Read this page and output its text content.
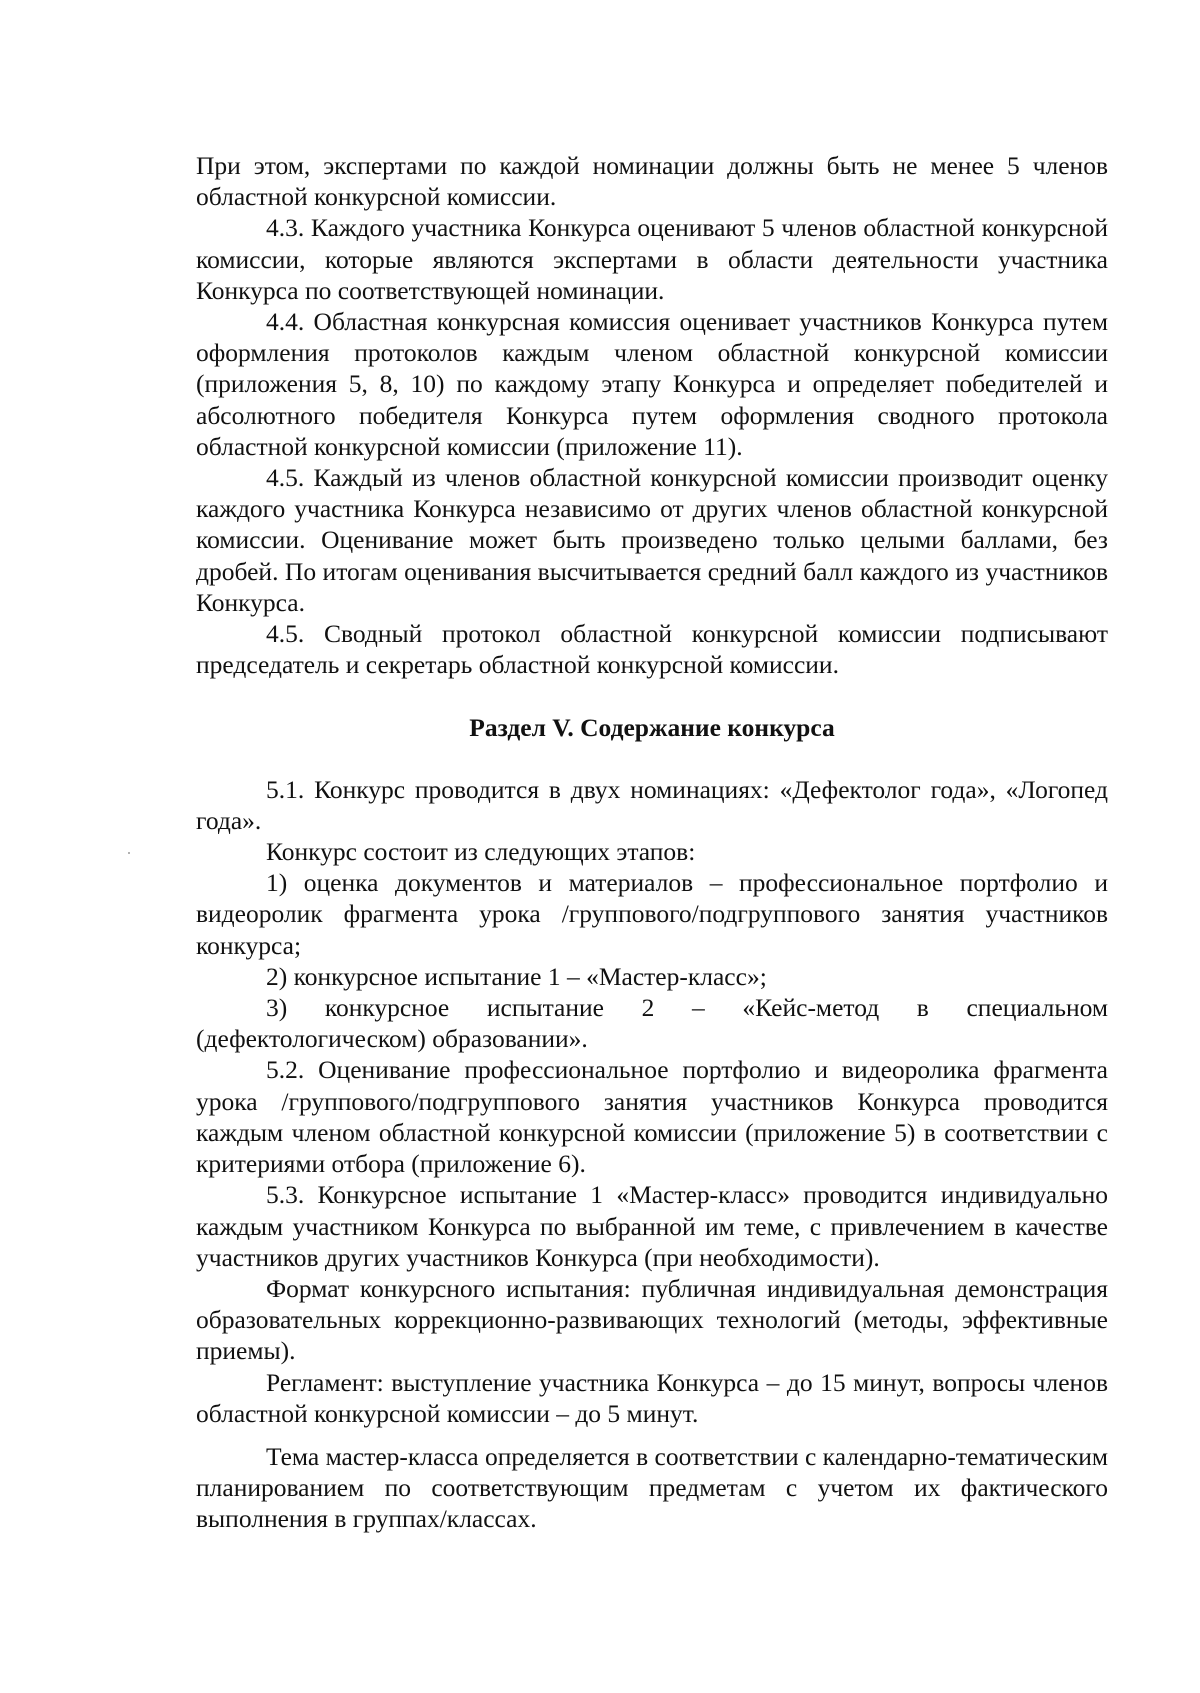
При этом, экспертами по каждой номинации должны быть не менее 5 членов областной конкурсной комиссии.

4.3. Каждого участника Конкурса оценивают 5 членов областной конкурсной комиссии, которые являются экспертами в области деятельности участника Конкурса по соответствующей номинации.

4.4. Областная конкурсная комиссия оценивает участников Конкурса путем оформления протоколов каждым членом областной конкурсной комиссии (приложения 5, 8, 10) по каждому этапу Конкурса и определяет победителей и абсолютного победителя Конкурса путем оформления сводного протокола областной конкурсной комиссии (приложение 11).

4.5. Каждый из членов областной конкурсной комиссии производит оценку каждого участника Конкурса независимо от других членов областной конкурсной комиссии. Оценивание может быть произведено только целыми баллами, без дробей. По итогам оценивания высчитывается средний балл каждого из участников Конкурса.

4.5. Сводный протокол областной конкурсной комиссии подписывают председатель и секретарь областной конкурсной комиссии.

Раздел V. Содержание конкурса

5.1. Конкурс проводится в двух номинациях: «Дефектолог года», «Логопед года».

Конкурс состоит из следующих этапов:

1) оценка документов и материалов – профессиональное портфолио и видеоролик фрагмента урока /группового/подгруппового занятия участников конкурса;

2) конкурсное испытание 1 – «Мастер-класс»;

3) конкурсное испытание 2 – «Кейс-метод в специальном (дефектологическом) образовании».

5.2. Оценивание профессиональное портфолио и видеоролика фрагмента урока /группового/подгруппового занятия участников Конкурса проводится каждым членом областной конкурсной комиссии (приложение 5) в соответствии с критериями отбора (приложение 6).

5.3. Конкурсное испытание 1 «Мастер-класс» проводится индивидуально каждым участником Конкурса по выбранной им теме, с привлечением в качестве участников других участников Конкурса (при необходимости).

Формат конкурсного испытания: публичная индивидуальная демонстрация образовательных коррекционно-развивающих технологий (методы, эффективные приемы).

Регламент: выступление участника Конкурса – до 15 минут, вопросы членов областной конкурсной комиссии – до 5 минут.

Тема мастер-класса определяется в соответствии с календарно-тематическим планированием по соответствующим предметам с учетом их фактического выполнения в группах/классах.
